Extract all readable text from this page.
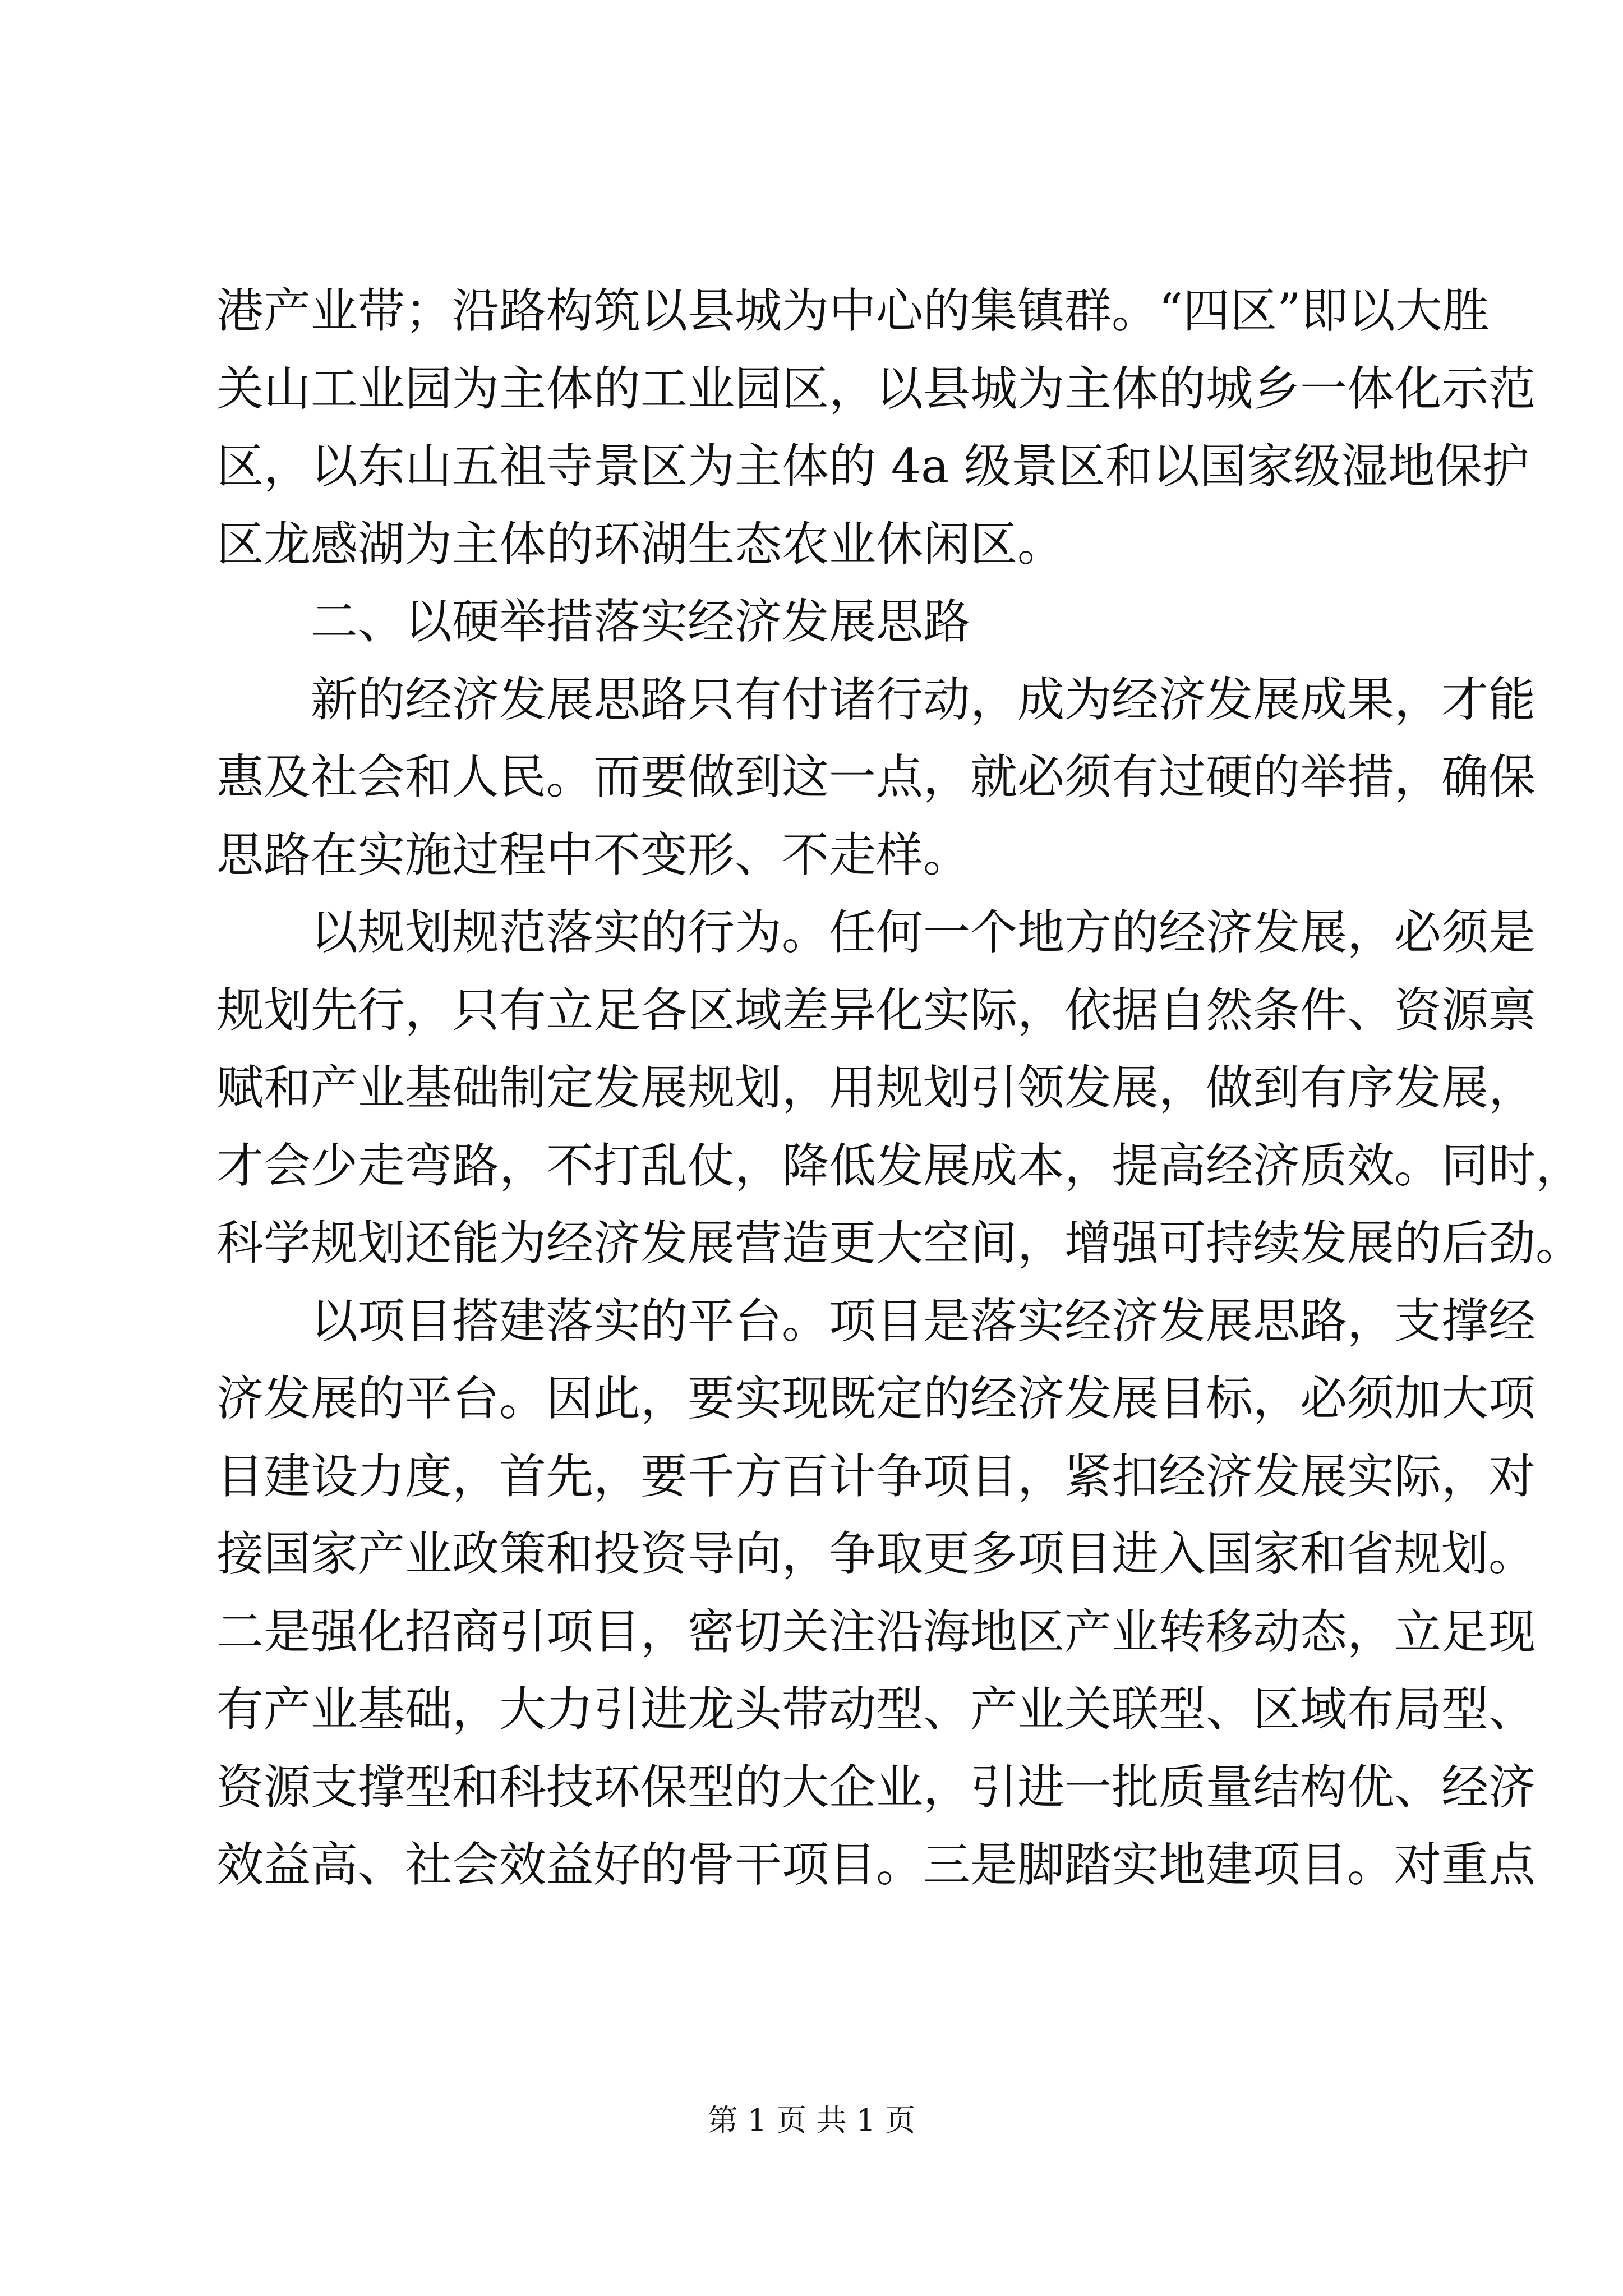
港产业带；沿路构筑以县城为中心的集镇群。“四区”即以大胜
关山工业园为主体的工业园区，以县城为主体的城乡一体化示范
区，以东山五祖寺景区为主体的 4a 级景区和以国家级湿地保护
区龙感湖为主体的环湖生态农业休闲区。
二、以硬举措落实经济发展思路
新的经济发展思路只有付诸行动，成为经济发展成果，才能
惠及社会和人民。而要做到这一点，就必须有过硬的举措，确保
思路在实施过程中不变形、不走样。
以规划规范落实的行为。任何一个地方的经济发展，必须是
规划先行，只有立足各区域差异化实际，依据自然条件、资源禀
赋和产业基础制定发展规划，用规划引领发展，做到有序发展，
才会少走弯路，不打乱仗，降低发展成本，提高经济质效。同时，
科学规划还能为经济发展营造更大空间，增强可持续发展的后劲。
以项目搭建落实的平台。项目是落实经济发展思路，支撑经
济发展的平台。因此，要实现既定的经济发展目标，必须加大项
目建设力度，首先，要千方百计争项目，紧扣经济发展实际，对
接国家产业政策和投资导向，争取更多项目进入国家和省规划。
二是强化招商引项目，密切关注沿海地区产业转移动态，立足现
有产业基础，大力引进龙头带动型、产业关联型、区域布局型、
资源支撑型和科技环保型的大企业，引进一批质量结构优、经济
效益高、社会效益好的骨干项目。三是脚踏实地建项目。对重点
第 1 页 共 1 页
